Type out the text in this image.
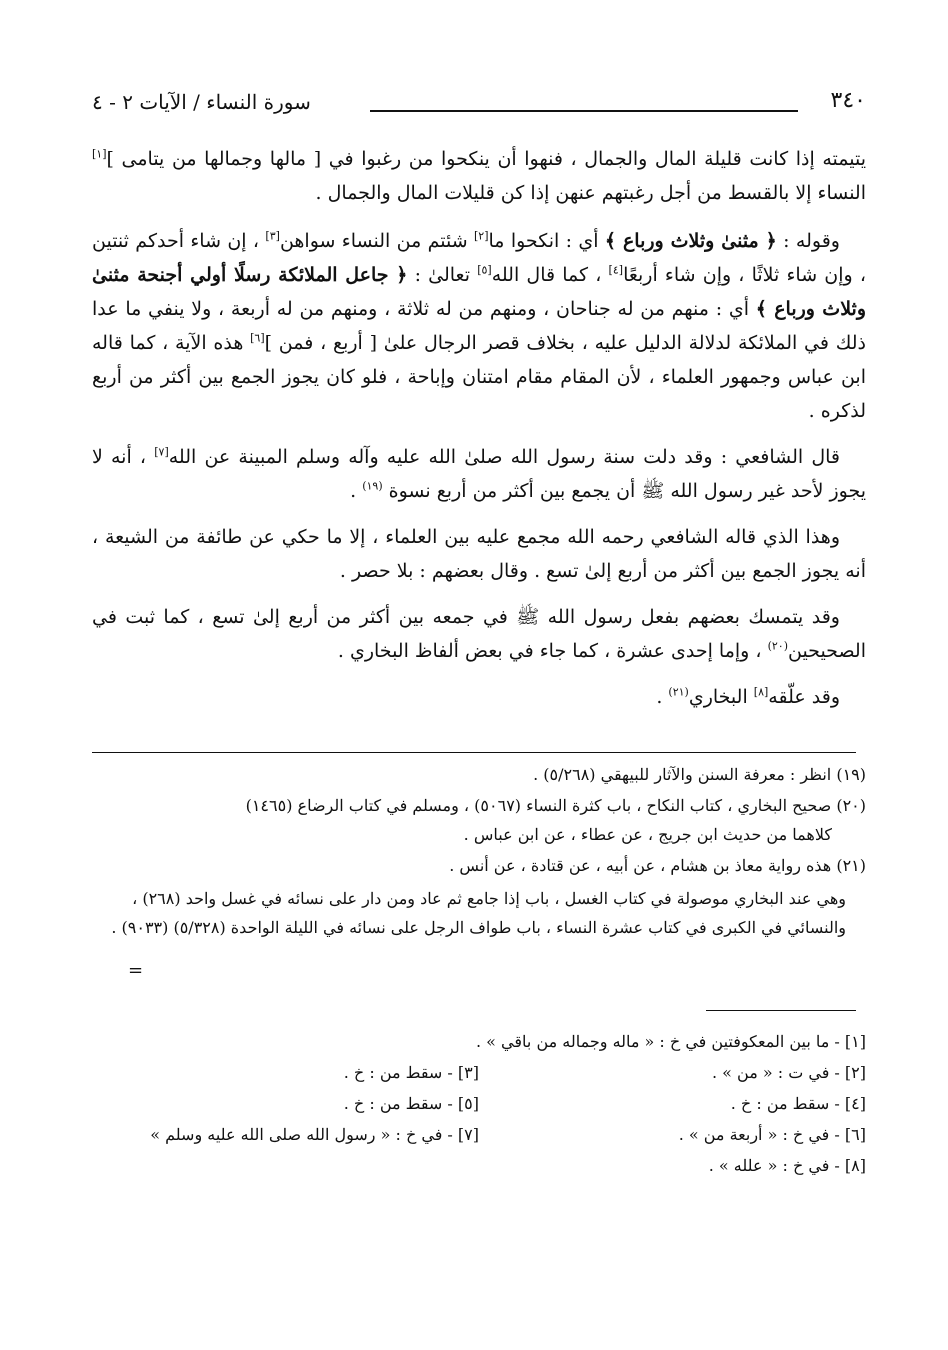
٣٤٠
سورة النساء / الآيات ٢ - ٤

يتيمته إذا كانت قليلة المال والجمال ، فنهوا أن ينكحوا من رغبوا في [ مالها وجمالها من يتامى ][١] النساء إلا بالقسط من أجل رغبتهم عنهن إذا كن قليلات المال والجمال .

وقوله : ﴿ مثنىٰ وثلاث ورباع ﴾ أي : انكحوا ما[٢] شئتم من النساء سواهن[٣] ، إن شاء أحدكم ثنتين ، وإن شاء ثلاثًا ، وإن شاء أربعًا[٤] ، كما قال الله[٥] تعالىٰ : ﴿ جاعل الملائكة رسلًا أولي أجنحة مثنىٰ وثلاث ورباع ﴾ أي : منهم من له جناحان ، ومنهم من له ثلاثة ، ومنهم من له أربعة ، ولا ينفي ما عدا ذلك في الملائكة لدلالة الدليل عليه ، بخلاف قصر الرجال علىٰ [ أربع ، فمن ][٦] هذه الآية ، كما قاله ابن عباس وجمهور العلماء ، لأن المقام مقام امتنان وإباحة ، فلو كان يجوز الجمع بين أكثر من أربع لذكره .

قال الشافعي : وقد دلت سنة رسول الله صلىٰ الله عليه وآله وسلم المبينة عن الله[٧] ، أنه لا يجوز لأحد غير رسول الله ﷺ أن يجمع بين أكثر من أربع نسوة $^{(١٩)}$ .

وهذا الذي قاله الشافعي رحمه الله مجمع عليه بين العلماء ، إلا ما حكي عن طائفة من الشيعة ، أنه يجوز الجمع بين أكثر من أربع إلىٰ تسع . وقال بعضهم : بلا حصر .

وقد يتمسك بعضهم بفعل رسول الله ﷺ في جمعه بين أكثر من أربع إلىٰ تسع ، كما ثبت في الصحيحين$^{(٢٠)}$ ، وإما إحدى عشرة ، كما جاء في بعض ألفاظ البخاري .

وقد علّقه[٨] البخاري$^{(٢١)}$ .

(١٩) انظر : معرفة السنن والآثار للبيهقي (٥/٢٦٨) .
(٢٠) صحيح البخاري ، كتاب النكاح ، باب كثرة النساء (٥٠٦٧) ، ومسلم في كتاب الرضاع (١٤٦٥)
كلاهما من حديث ابن جريج ، عن عطاء ، عن ابن عباس .
(٢١) هذه رواية معاذ بن هشام ، عن أبيه ، عن قتادة ، عن أنس .
وهي عند البخاري موصولة في كتاب الغسل ، باب إذا جامع ثم عاد ومن دار على نسائه في غسل واحد (٢٦٨) ، والنسائي في الكبرى في كتاب عشرة النساء ، باب طواف الرجل على نسائه في الليلة الواحدة (٥/٣٢٨) (٩٠٣٣) .
=
[١] - ما بين المعكوفتين في خ : « ماله وجماله من باقي » .
[٢] - في ت : « من » .
[٣] - سقط من : خ .
[٤] - سقط من : خ .
[٥] - سقط من : خ .
[٦] - في خ : « أربعة من » .
[٧] - في خ : « رسول الله صلى الله عليه وسلم »
[٨] - في خ : « علله » .
